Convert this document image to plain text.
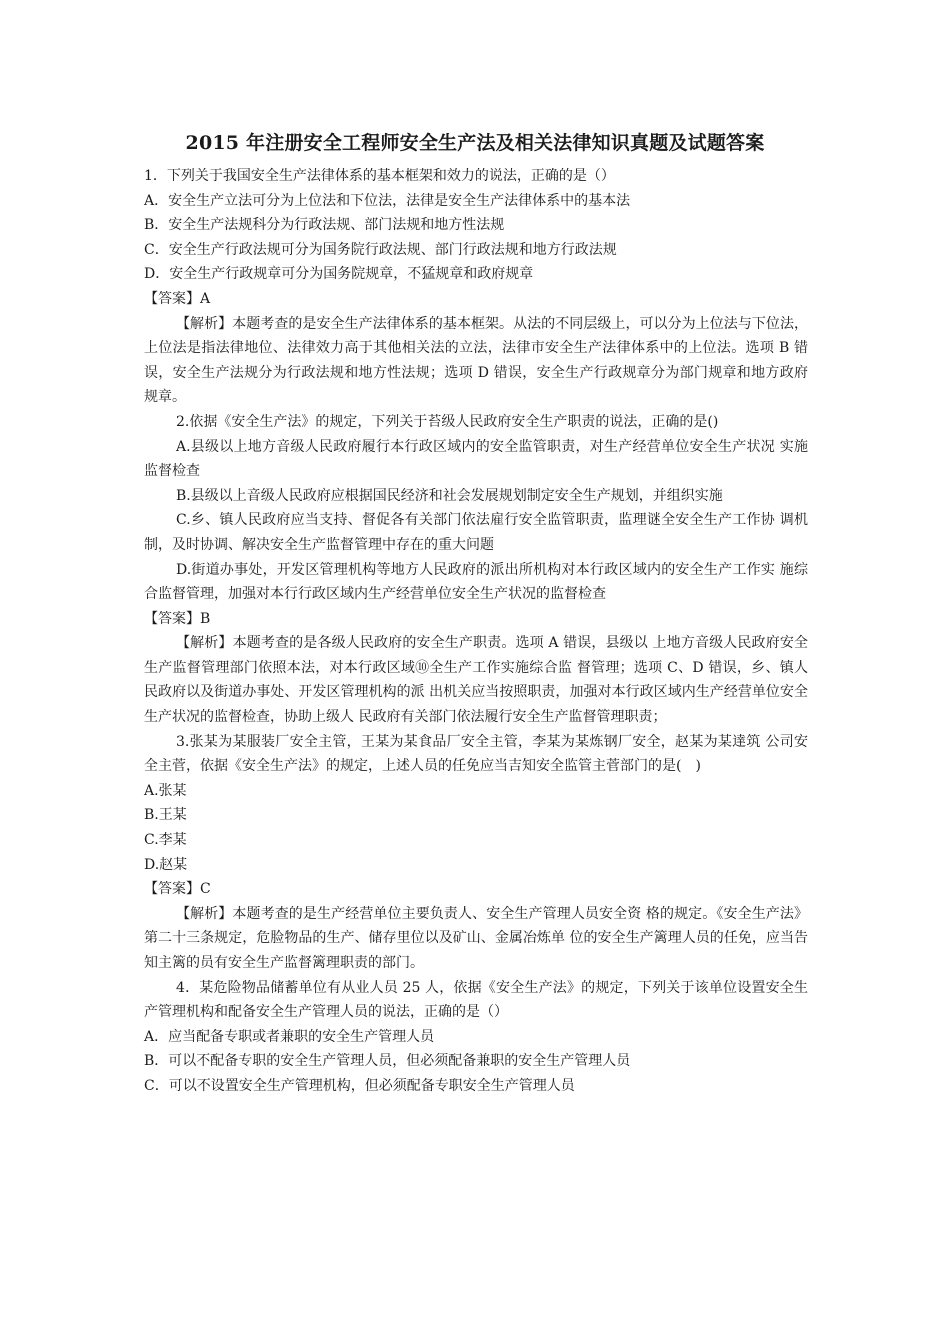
2015 年注册安全工程师安全生产法及相关法律知识真题及试题答案

1．下列关于我国安全生产法律体系的基本框架和效力的说法，正确的是（）

A．安全生产立法可分为上位法和下位法，法律是安全生产法律体系中的基本法

B．安全生产法规科分为行政法规、部门法规和地方性法规

C．安全生产行政法规可分为国务院行政法规、部门行政法规和地方行政法规

D．安全生产行政规章可分为国务院规章，不猛规章和政府规章

【答案】A

【解析】本题考查的是安全生产法律体系的基本框架。从法的不同层级上，可以分为上位法与下位法，上位法是指法律地位、法律效力高于其他相关法的立法，法律市安全生产法律体系中的上位法。选项 B 错误，安全生产法规分为行政法规和地方性法规；选项 D 错误，安全生产行政规章分为部门规章和地方政府规章。

2.依据《安全生产法》的规定，下列关于苔级人民政府安全生产职责的说法，正确的是()

A.县级以上地方音级人民政府履行本行政区域内的安全监管职责，对生产经营单位安全生产状况 实施监督检查

B.县级以上音级人民政府应根据国民经济和社会发展规划制定安全生产规划，并组织实施

C.乡、镇人民政府应当支持、督促各有关部门依法雇行安全监管职责，监理谜全安全生产工作协 调机制，及时协调、解决安全生产监督管理中存在的重大问题

D.街道办事处，开发区管理机构等地方人民政府的派出所机构对本行政区域内的安全生产工作实 施综合监督管理，加强对本行行政区域内生产经营单位安全生产状况的监督检查

【答案】B

【解析】本题考查的是各级人民政府的安全生产职责。选项 A 错误，县级以 上地方音级人民政府安全生产监督管理部门依照本法，对本行政区域⑩全生产工作实施综合监 督管理；选项 C、D 错误，乡、镇人民政府以及街道办事处、开发区管理机构的派 出机关应当按照职责，加强对本行政区域内生产经营单位安全生产状况的监督检查，协助上级人 民政府有关部门依法履行安全生产监督管理职责；

3.张某为某服装厂安全主管，王某为某食品厂安全主管，李某为某炼钢厂安全，赵某为某達筑 公司安全主菅，依据《安全生产法》的规定，上述人员的任免应当吉知安全监管主菅部门的是(　)

A.张某

B.王某

C.李某

D.赵某

【答案】C

【解析】本题考查的是生产经营单位主要负责人、安全生产管理人员安全资 格的规定。《安全生产法》第二十三条规定，危脸物品的生产、储存里位以及矿山、金属冶炼单 位的安全生产篱理人员的任免，应当告知主篱的员有安全生产监督篱理职责的部门。

4．某危险物品储蓄单位有从业人员 25 人，依据《安全生产法》的规定，下列关于该单位设置安全生产管理机构和配备安全生产管理人员的说法，正确的是（）

A．应当配备专职或者兼职的安全生产管理人员

B．可以不配备专职的安全生产管理人员，但必须配备兼职的安全生产管理人员

C．可以不设置安全生产管理机构，但必须配备专职安全生产管理人员
